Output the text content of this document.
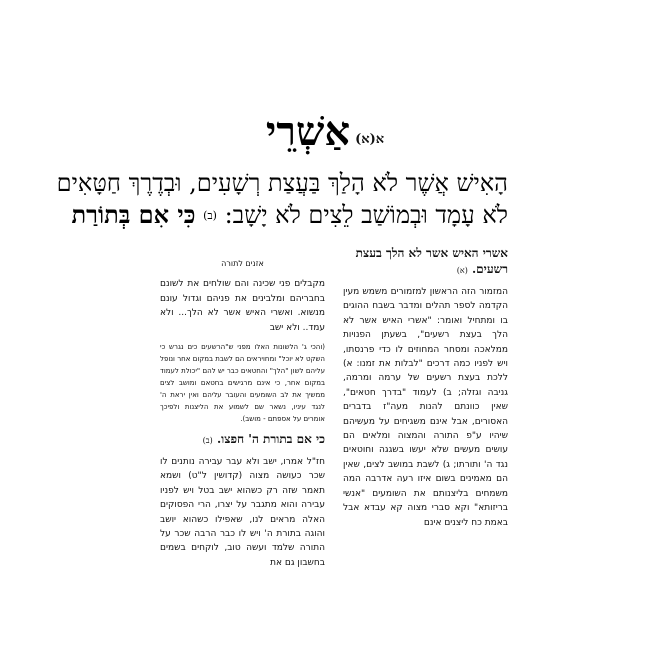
א(א) אַשְׁרֵי
הָאִישׁ אֲשֶׁר לֹא הָלַךְ בַּעֲצַת רְשָׁעִים, וּבְדֶרֶךְ חַטָּאִים
לֹא עָמָד וּבְמוֹשַׁב לֵצִים לֹא יָשָׁב: (ב) כִּי אִם בְּתוֹרַת

אשרי האיש אשר לא הלך בעצת רשעים. (א)

המזמור הזה הראשון למזמורים משמש מעין הקדמה לספר תהלים ומדבר בשבח ההוגים בו ומתחיל ואומר: "אשרי האיש אשר לא הלך בעצת רשעים", בשעתן הפנויות ממלאכה ומסחר המחוזים לו כדי פרנסתו, ויש לפניו כמה דרכים "לבלות את זמנו: א) ללכת בעצת רשעים של ערמה ומרמה, גניבה וגזלה; ב) לעמוד "בדרך חטאים", שאין כוונתם להנות מעה"ז בדברים האסורים, אבל אינם משגיחים על מעשיהם שיהיו ע"פ התורה והמצוה ומלאים הם עושים מעשים שלא יעשו בשגגה וחוטאים נגד ה' ותורתו; ג) לשבת במושב לצים, שאין הם מאמינים בשום איזו רעה אדרבה המה משמחים בליצנותם את השומעים "אנשי בריזותא" וקא סברי מצוה קא עבדא אבל באמת כח ליצנים אינם

אזנים לתורה

מקבלים פני שכינה והם שולחים את לשונם בחבריהם ומלבינים את פניהם וגדול עונם מנשוא. ואשרי האיש אשר לא הלך... ולא עמד.. ולא ישב

(והכי ג' הלשונות האלו מפני ש"הרשעים כים נגרש כי השקט לא יוכל" ומחויראים הם לשבת במקום אחר ונופל עליהם לשון "הלך" והחטאים כבר יש להם "יכולת לעמוד במקום אחר, כי אינם מרגישים בחטאם ומושב לצים ממשיך את לב השומעים והעובר עליהם ואין יראת ה' לנגד עיניו, נשאר שם לשמוע את הליצנות ולפיכך אומרים על אספתם - מושב).

כי אם בתורת ה' חפצו. (ב)

חז"ל אמרו, ישב ולא עבר עבירה נותנים לו שכר כעושה מצוה (קדושין ל"ט) ושמא תאמר שזה רק כשהוא ישב בטל ויש לפניו עבירה והוא מתגבר על יצרו, הרי הפסוקים האלה מראים לנו, שאפילו כשהוא יושב והוגה בתורת ה' ויש לו כבר הרבה שכר על התורה שלמד ועשה טוב, לוקחים בשמים בחשבון גם את
